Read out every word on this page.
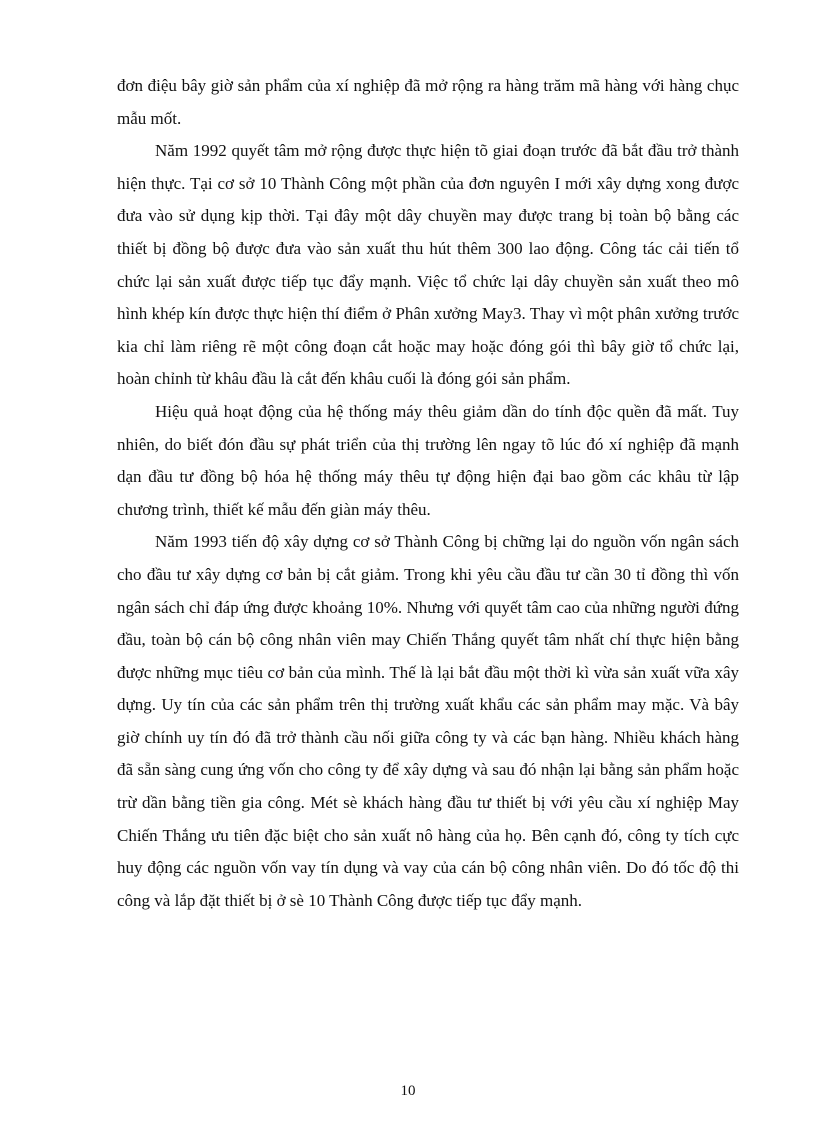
đơn điệu bây giờ sản phẩm của xí nghiệp đã mở rộng ra hàng trăm mã hàng với hàng chục mẫu mốt.

Năm 1992 quyết tâm mở rộng được thực hiện tõ giai đoạn trước đã bắt đầu trở thành hiện thực. Tại cơ sở 10 Thành Công một phần của đơn nguyên I mới xây dựng xong được đưa vào sử dụng kịp thời. Tại đây một dây chuyền may được trang bị toàn bộ bằng các thiết bị đồng bộ được đưa vào sản xuất thu hút thêm 300 lao động. Công tác cải tiến tổ chức lại sản xuất được tiếp tục đẩy mạnh. Việc tổ chức lại dây chuyền sản xuất theo mô hình khép kín được thực hiện thí điểm ở Phân xưởng May3. Thay vì một phân xưởng trước kia chỉ làm riêng rẽ một công đoạn cắt hoặc may hoặc đóng gói thì bây giờ tổ chức lại, hoàn chỉnh từ khâu đầu là cắt đến khâu cuối là đóng gói sản phẩm.

Hiệu quả hoạt động của hệ thống máy thêu giảm dần do tính độc quền đã mất. Tuy nhiên, do biết đón đầu sự phát triển của thị trường lên ngay tõ lúc đó xí nghiệp đã mạnh dạn đầu tư đồng bộ hóa hệ thống máy thêu tự động hiện đại bao gồm các khâu từ lập chương trình, thiết kế mẫu đến giàn máy thêu.

Năm 1993 tiến độ xây dựng cơ sở Thành Công bị chững lại do nguồn vốn ngân sách cho đầu tư xây dựng cơ bản bị cắt giảm. Trong khi yêu cầu đầu tư cần 30 tỉ đồng thì vốn ngân sách chỉ đáp ứng được khoảng 10%. Nhưng với quyết tâm cao của những người đứng đầu, toàn bộ cán bộ công nhân viên may Chiến Thắng quyết tâm nhất chí thực hiện bằng được những mục tiêu cơ bản của mình. Thế là lại bắt đầu một thời kì vừa sản xuất vữa xây dựng. Uy tín của các sản phẩm trên thị trường xuất khẩu các sản phẩm may mặc. Và bây giờ chính uy tín đó đã trở thành cầu nối giữa công ty và các bạn hàng. Nhiều khách hàng đã sẵn sàng cung ứng vốn cho công ty để xây dựng và sau đó nhận lại bằng sản phẩm hoặc trừ dần bằng tiền gia công. Mét sè khách hàng đầu tư thiết bị với yêu cầu xí nghiệp May Chiến Thắng ưu tiên đặc biệt cho sản xuất nô hàng của họ. Bên cạnh đó, công ty tích cực huy động các nguồn vốn vay tín dụng và vay của cán bộ công nhân viên. Do đó tốc độ thi công và lắp đặt thiết bị ở sè 10 Thành Công được tiếp tục đẩy mạnh.

10
